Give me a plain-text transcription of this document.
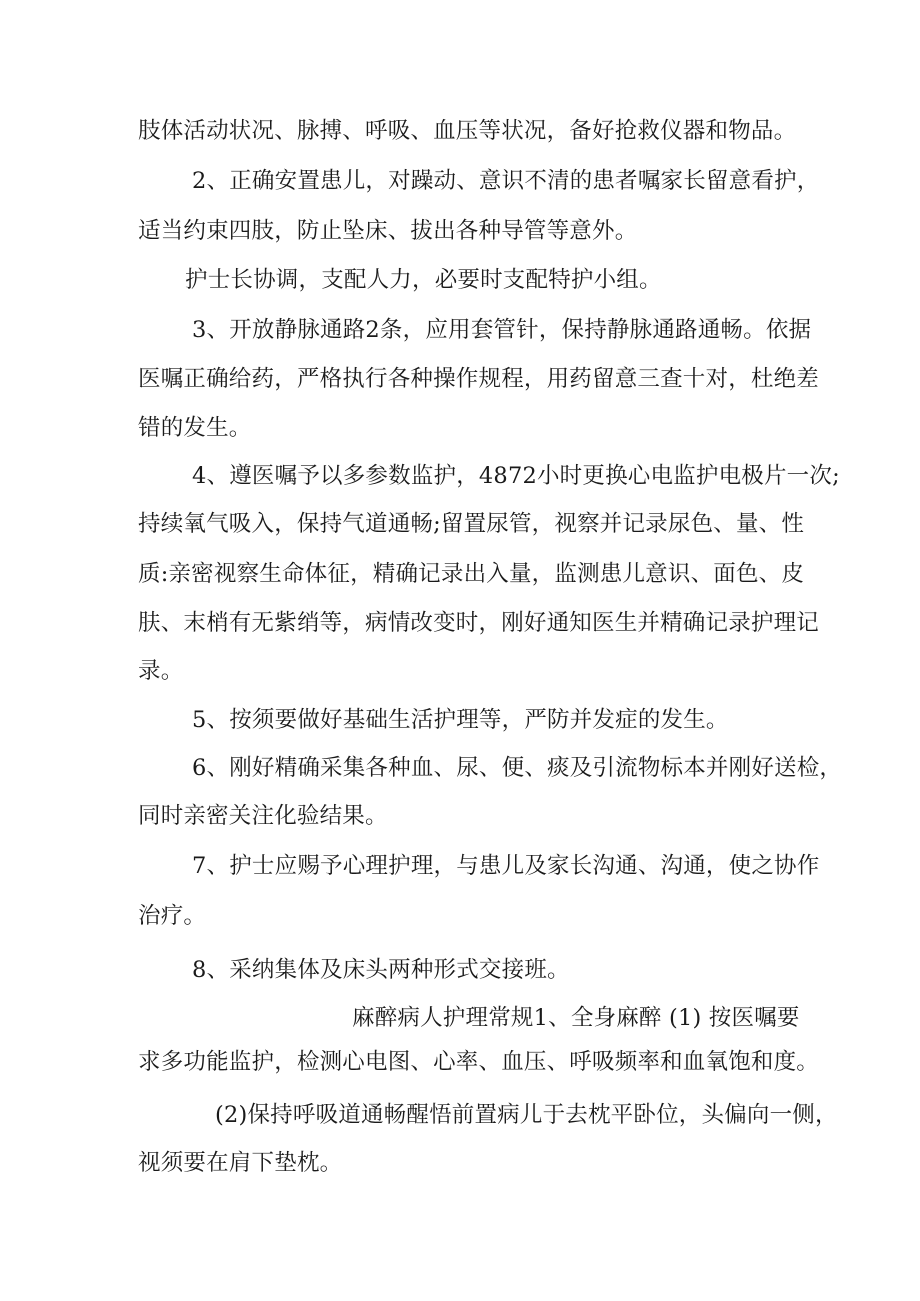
肢体活动状况、脉搏、呼吸、血压等状况，备好抢救仪器和物品。
2、正确安置患儿，对躁动、意识不清的患者嘱家长留意看护，
适当约束四肢，防止坠床、拔出各种导管等意外。
护士长协调，支配人力，必要时支配特护小组。
3、开放静脉通路2条，应用套管针，保持静脉通路通畅。依据
医嘱正确给药，严格执行各种操作规程，用药留意三查十对，杜绝差
错的发生。
4、遵医嘱予以多参数监护，4872小时更换心电监护电极片一次;
持续氧气吸入，保持气道通畅;留置尿管，视察并记录尿色、量、性
质:亲密视察生命体征，精确记录出入量，监测患儿意识、面色、皮
肤、末梢有无紫绡等，病情改变时，刚好通知医生并精确记录护理记
录。
5、按须要做好基础生活护理等，严防并发症的发生。
6、刚好精确采集各种血、尿、便、痰及引流物标本并刚好送检，
同时亲密关注化验结果。
7、护士应赐予心理护理，与患儿及家长沟通、沟通，使之协作
治疗。
8、采纳集体及床头两种形式交接班。
麻醉病人护理常规1、全身麻醉 (1) 按医嘱要
求多功能监护，检测心电图、心率、血压、呼吸频率和血氧饱和度。
(2)保持呼吸道通畅醒悟前置病儿于去枕平卧位，头偏向一侧，
视须要在肩下垫枕。
